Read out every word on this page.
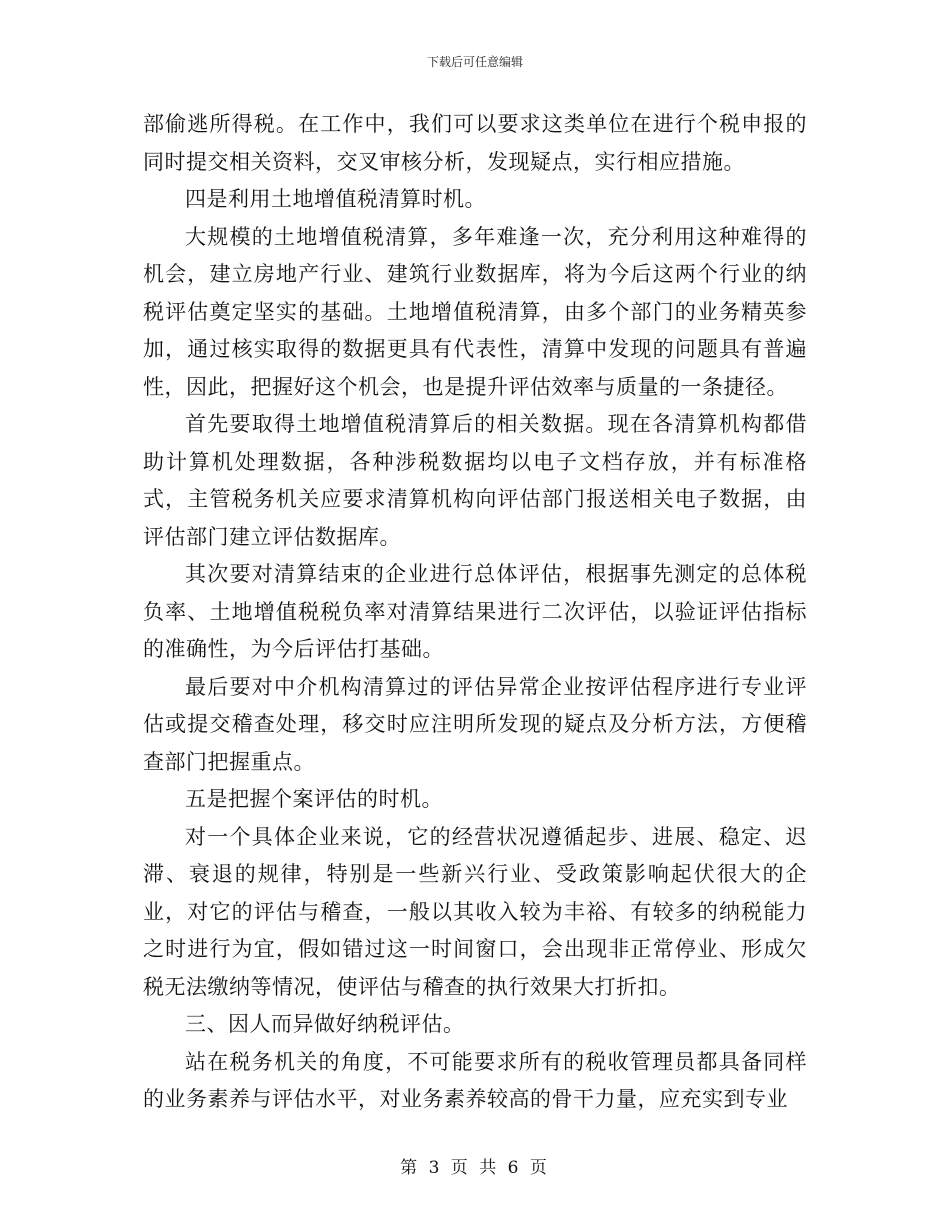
下载后可任意编辑

部偷逃所得税。在工作中，我们可以要求这类单位在进行个税申报的同时提交相关资料，交叉审核分析，发现疑点，实行相应措施。

四是利用土地增值税清算时机。

大规模的土地增值税清算，多年难逢一次，充分利用这种难得的机会，建立房地产行业、建筑行业数据库，将为今后这两个行业的纳税评估奠定坚实的基础。土地增值税清算，由多个部门的业务精英参加，通过核实取得的数据更具有代表性，清算中发现的问题具有普遍性，因此，把握好这个机会，也是提升评估效率与质量的一条捷径。

首先要取得土地增值税清算后的相关数据。现在各清算机构都借助计算机处理数据，各种涉税数据均以电子文档存放，并有标准格式，主管税务机关应要求清算机构向评估部门报送相关电子数据，由评估部门建立评估数据库。

其次要对清算结束的企业进行总体评估，根据事先测定的总体税负率、土地增值税税负率对清算结果进行二次评估，以验证评估指标的准确性，为今后评估打基础。

最后要对中介机构清算过的评估异常企业按评估程序进行专业评估或提交稽查处理，移交时应注明所发现的疑点及分析方法，方便稽查部门把握重点。

五是把握个案评估的时机。

对一个具体企业来说，它的经营状况遵循起步、进展、稳定、迟滞、衰退的规律，特别是一些新兴行业、受政策影响起伏很大的企业，对它的评估与稽查，一般以其收入较为丰裕、有较多的纳税能力之时进行为宜，假如错过这一时间窗口，会出现非正常停业、形成欠税无法缴纳等情况，使评估与稽查的执行效果大打折扣。

三、因人而异做好纳税评估。

站在税务机关的角度，不可能要求所有的税收管理员都具备同样的业务素养与评估水平，对业务素养较高的骨干力量，应充实到专业

第 3 页 共 6 页
